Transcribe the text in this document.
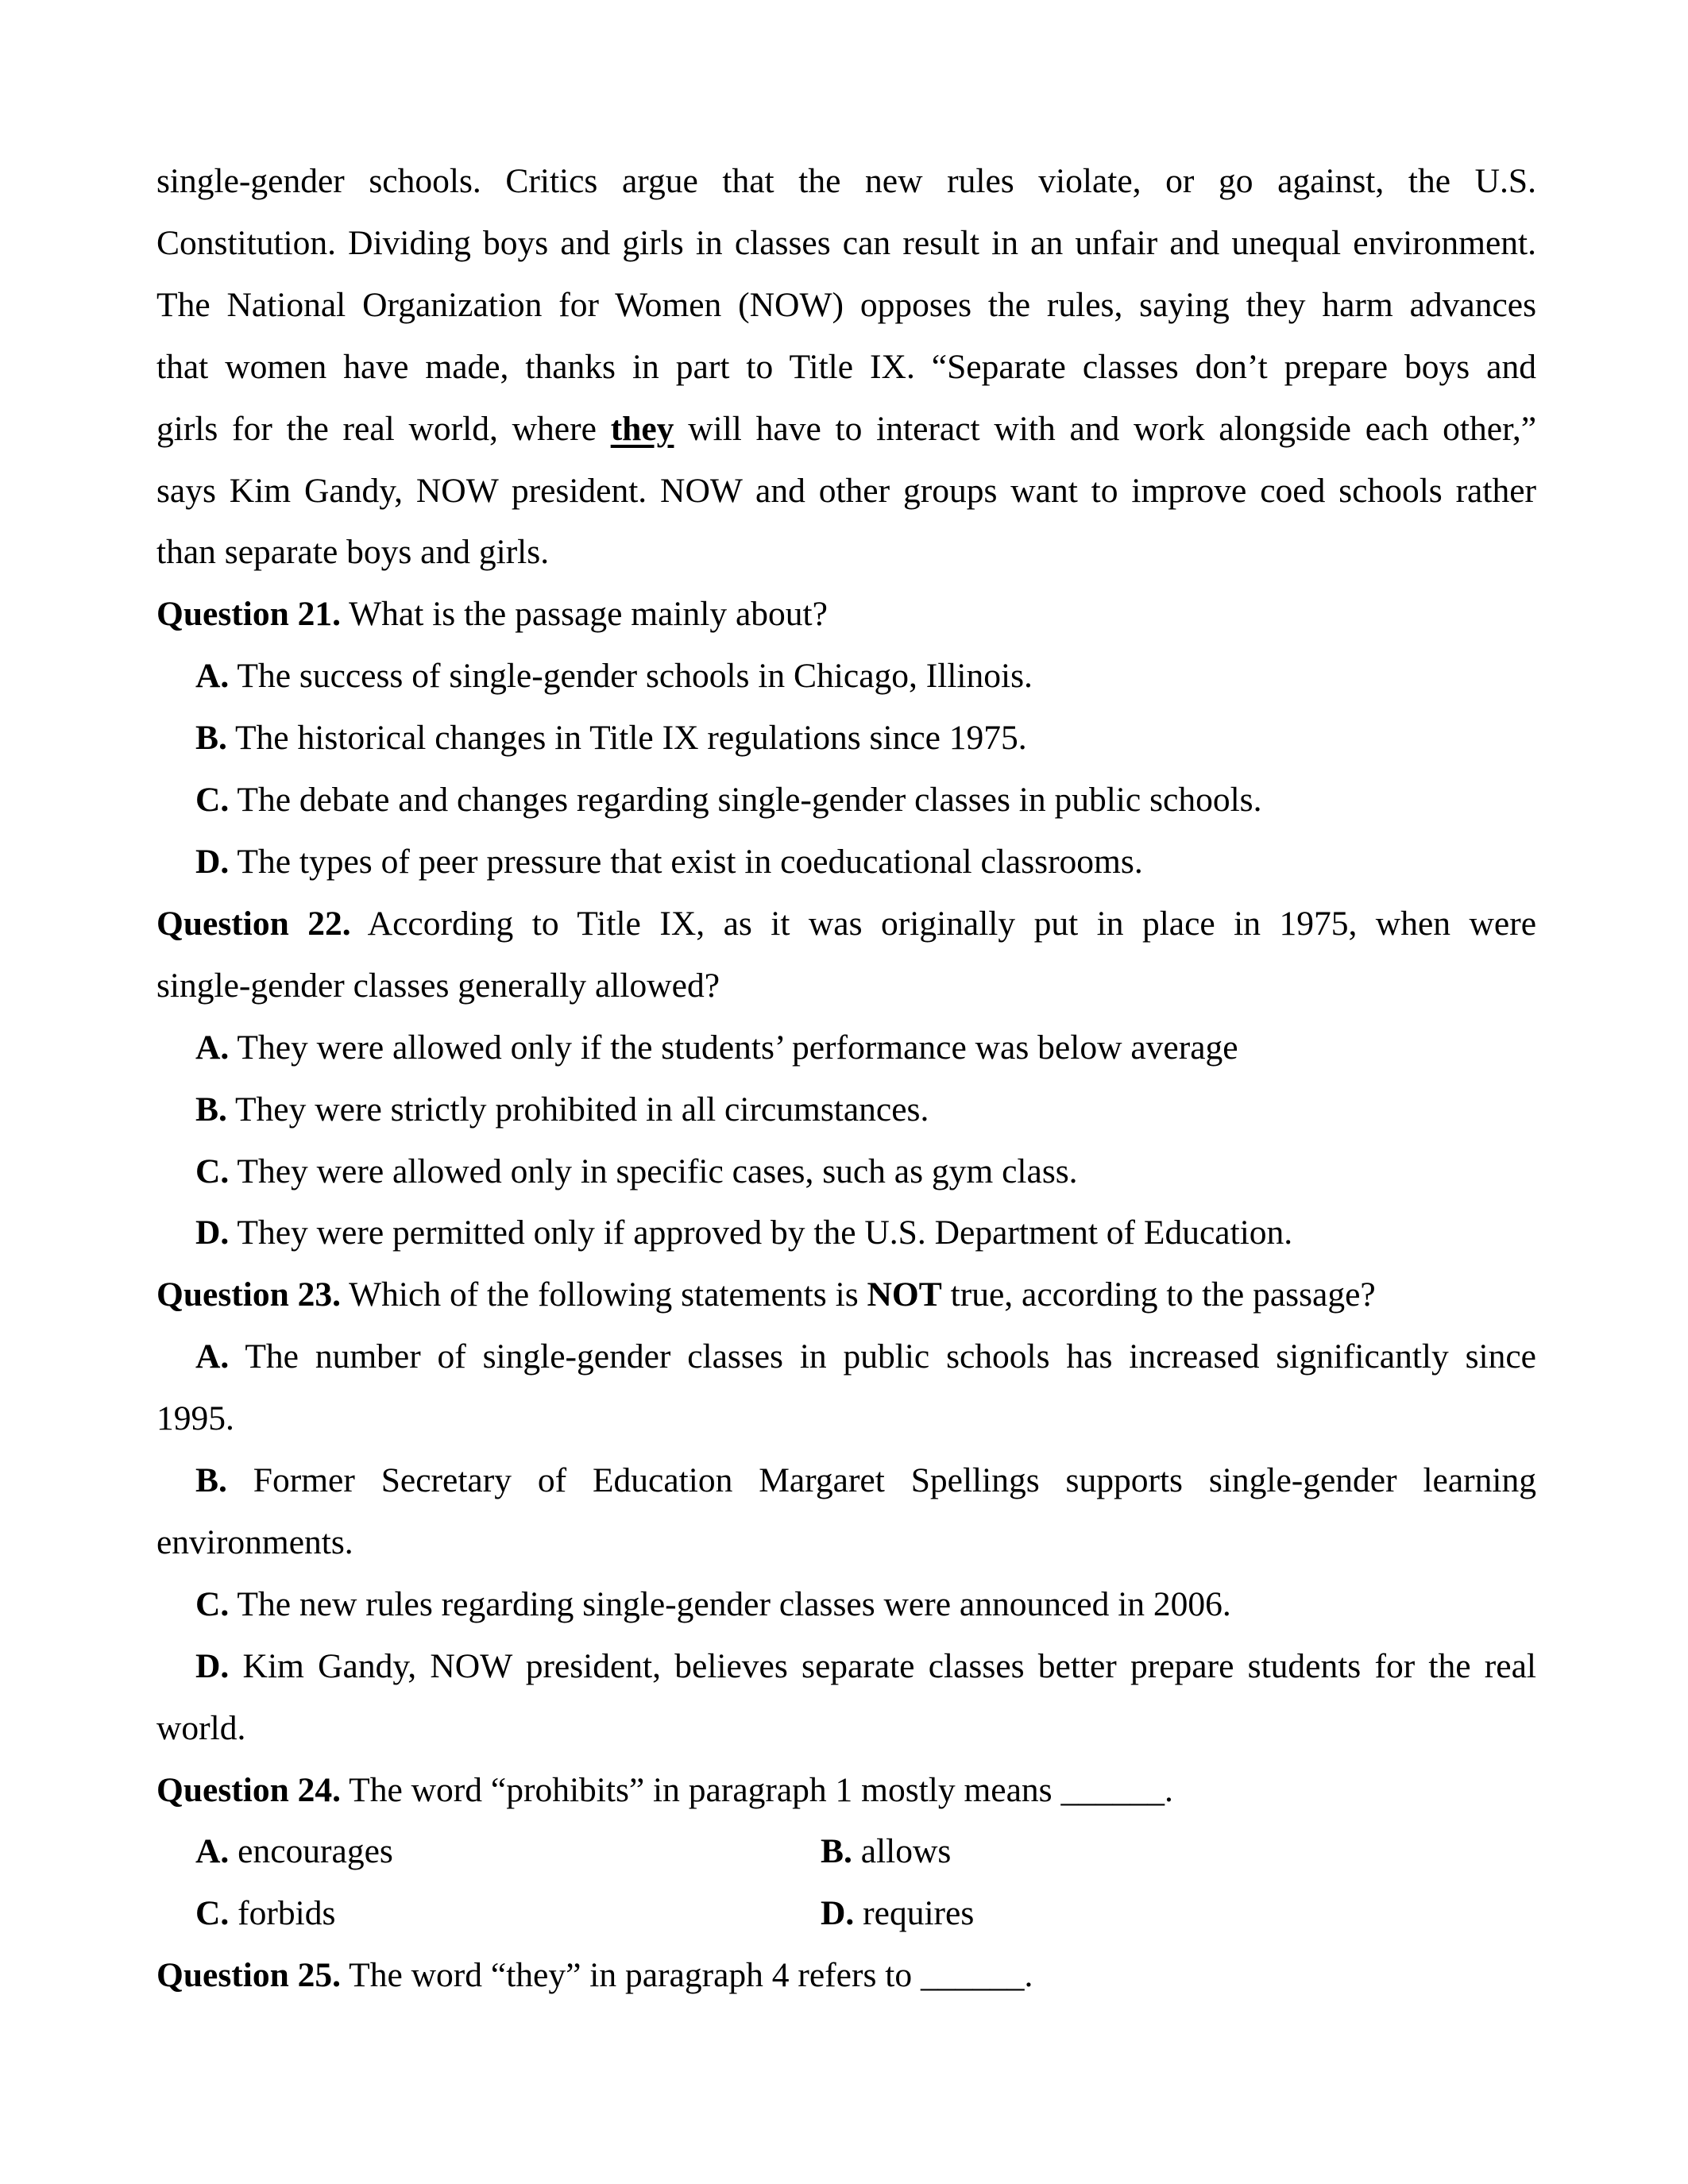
single-gender schools. Critics argue that the new rules violate, or go against, the U.S.
Constitution. Dividing boys and girls in classes can result in an unfair and unequal environment.
The National Organization for Women (NOW) opposes the rules, saying they harm advances
that women have made, thanks in part to Title IX. “Separate classes don’t prepare boys and
girls for the real world, where they will have to interact with and work alongside each other,”
says Kim Gandy, NOW president. NOW and other groups want to improve coed schools rather
than separate boys and girls.

Question 21. What is the passage mainly about?

A. The success of single-gender schools in Chicago, Illinois.

B. The historical changes in Title IX regulations since 1975.

C. The debate and changes regarding single-gender classes in public schools.

D. The types of peer pressure that exist in coeducational classrooms.

Question 22. According to Title IX, as it was originally put in place in 1975, when were
single-gender classes generally allowed?

A. They were allowed only if the students’ performance was below average

B. They were strictly prohibited in all circumstances.

C. They were allowed only in specific cases, such as gym class.

D. They were permitted only if approved by the U.S. Department of Education.

Question 23. Which of the following statements is NOT true, according to the passage?

A. The number of single-gender classes in public schools has increased significantly since
1995.
B. Former Secretary of Education Margaret Spellings supports single-gender learning
environments.

C. The new rules regarding single-gender classes were announced in 2006.

D. Kim Gandy, NOW president, believes separate classes better prepare students for the real
world.

Question 24. The word “prohibits” in paragraph 1 mostly means ______.

A. encourages	B. allows

C. forbids	D. requires

Question 25. The word “they” in paragraph 4 refers to ______.
